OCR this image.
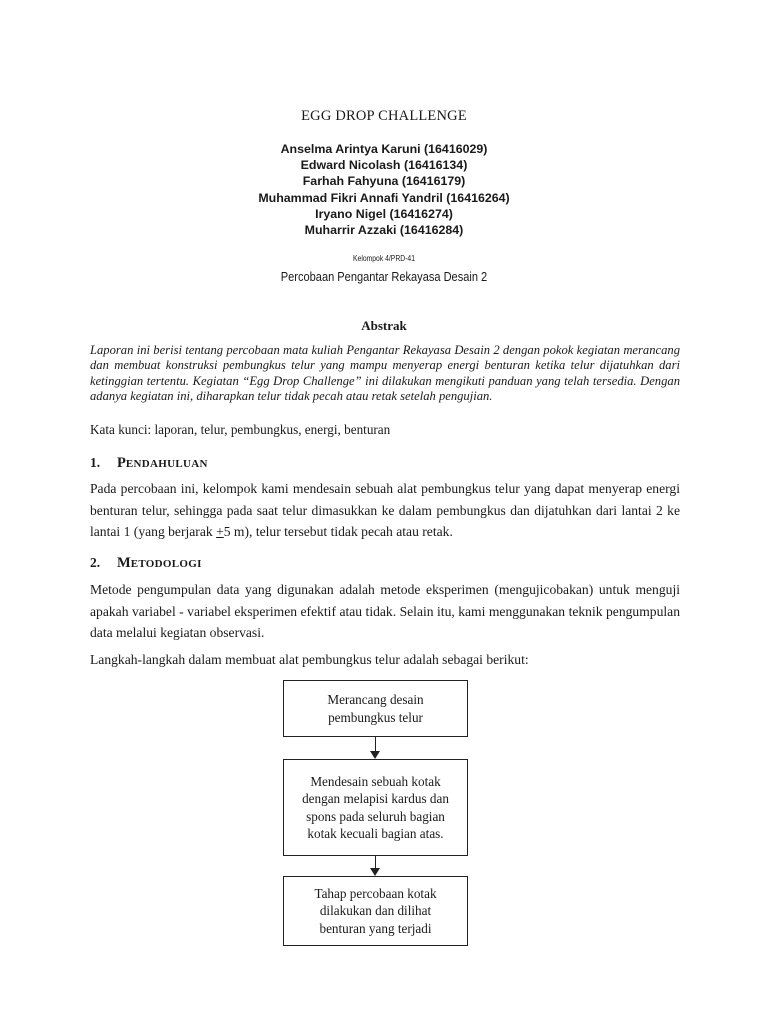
EGG DROP CHALLENGE
Anselma Arintya Karuni (16416029)
Edward Nicolash (16416134)
Farhah Fahyuna (16416179)
Muhammad Fikri Annafi Yandril (16416264)
Iryano Nigel (16416274)
Muharrir Azzaki (16416284)
Kelompok 4/PRD-41
Percobaan Pengantar Rekayasa Desain 2
Abstrak
Laporan ini berisi tentang percobaan mata kuliah Pengantar Rekayasa Desain 2 dengan pokok kegiatan merancang dan membuat konstruksi pembungkus telur yang mampu menyerap energi benturan ketika telur dijatuhkan dari ketinggian tertentu. Kegiatan “Egg Drop Challenge” ini dilakukan mengikuti panduan yang telah tersedia. Dengan adanya kegiatan ini, diharapkan telur tidak pecah atau retak setelah pengujian.
Kata kunci: laporan, telur, pembungkus, energi, benturan
1. PENDAHULUAN
Pada percobaan ini, kelompok kami mendesain sebuah alat pembungkus telur yang dapat menyerap energi benturan telur, sehingga pada saat telur dimasukkan ke dalam pembungkus dan dijatuhkan dari lantai 2 ke lantai 1 (yang berjarak +5 m), telur tersebut tidak pecah atau retak.
2. METODOLOGI
Metode pengumpulan data yang digunakan adalah metode eksperimen (mengujicobakan) untuk menguji apakah variabel - variabel eksperimen efektif atau tidak. Selain itu, kami menggunakan teknik pengumpulan data melalui kegiatan observasi.
Langkah-langkah dalam membuat alat pembungkus telur adalah sebagai berikut:
Merancang desain pembungkus telur
Mendesain sebuah kotak dengan melapisi kardus dan spons pada seluruh bagian kotak kecuali bagian atas.
Tahap percobaan kotak dilakukan dan dilihat benturan yang terjadi
